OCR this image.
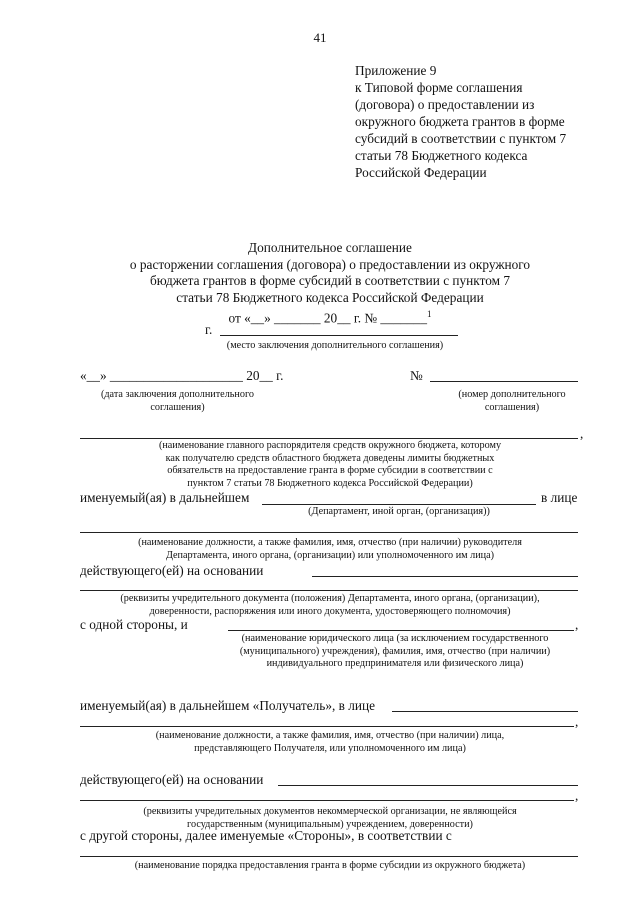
41
Приложение 9
к Типовой форме соглашения
(договора) о предоставлении из
окружного бюджета грантов в форме
субсидий в соответствии с пунктом 7
статьи 78 Бюджетного кодекса
Российской Федерации
Дополнительное соглашение
о расторжении соглашения (договора) о предоставлении из окружного
бюджета грантов в форме субсидий в соответствии с пунктом 7
статьи 78 Бюджетного кодекса Российской Федерации
от «__» _______ 20__ г. № _______$^1$
г.
(место заключения дополнительного соглашения)
«__» ____________________ 20__ г.	№
(дата заключения дополнительного соглашения)
(номер дополнительного соглашения)
,
(наименование главного распорядителя средств окружного бюджета, которому
как получателю средств областного бюджета доведены лимиты бюджетных
обязательств на предоставление гранта в форме субсидии в соответствии с
пунктом 7 статьи 78 Бюджетного кодекса Российской Федерации)
именуемый(ая) в дальнейшем	в лице
(Департамент, иной орган, (организация))
(наименование должности, а также фамилия, имя, отчество (при наличии) руководителя
Департамента, иного органа, (организации) или уполномоченного им лица)
действующего(ей) на основании
(реквизиты учредительного документа (положения) Департамента, иного органа, (организации),
доверенности, распоряжения или иного документа, удостоверяющего полномочия)
с одной стороны, и	,
(наименование юридического лица (за исключением государственного
(муниципального) учреждения), фамилия, имя, отчество (при наличии)
индивидуального предпринимателя или физического лица)
именуемый(ая) в дальнейшем «Получатель», в лице
,
(наименование должности, а также фамилия, имя, отчество (при наличии) лица,
представляющего Получателя, или уполномоченного им лица)
действующего(ей) на основании
,
(реквизиты учредительных документов некоммерческой организации, не являющейся
государственным (муниципальным) учреждением, доверенности)
с другой стороны, далее именуемые «Стороны», в соответствии с
(наименование порядка предоставления гранта в форме субсидии из окружного бюджета)
